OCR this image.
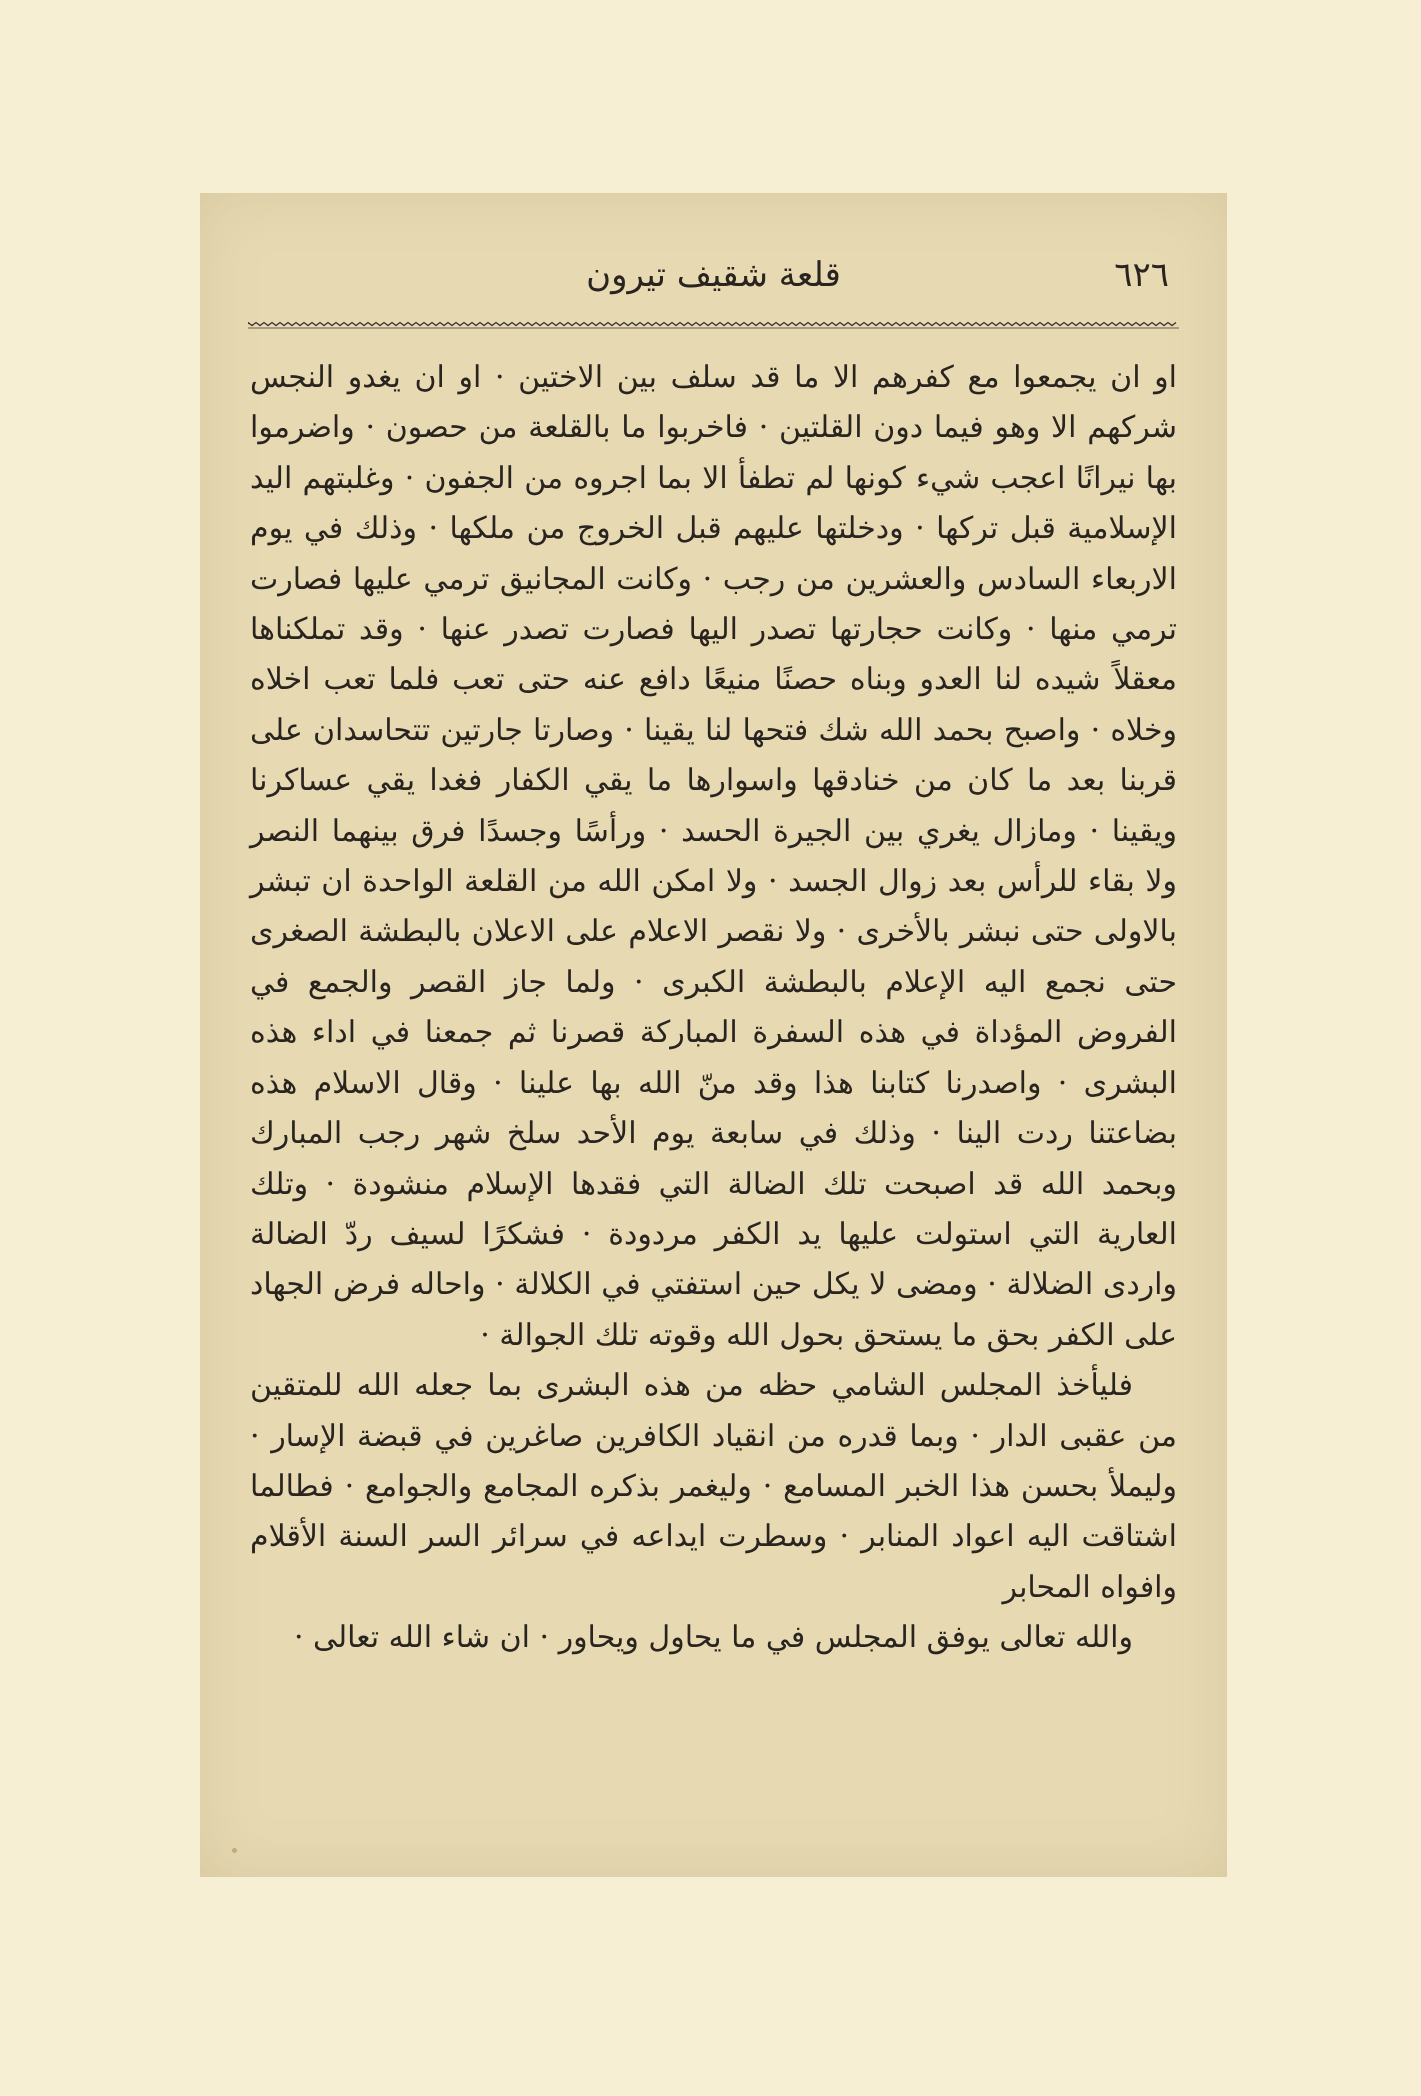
٦٢٦
قلعة شقيف تيرون

او ان يجمعوا مع كفرهم الا ما قد سلف بين الاختين · او ان يغدو النجس شركهم الا وهو فيما دون القلتين · فاخربوا ما بالقلعة من حصون · واضرموا بها نيرانًا اعجب شيء كونها لم تطفأ الا بما اجروه من الجفون · وغلبتهم اليد الإسلامية قبل تركها · ودخلتها عليهم قبل الخروج من ملكها · وذلك في يوم الاربعاء السادس والعشرين من رجب · وكانت المجانيق ترمي عليها فصارت ترمي منها · وكانت حجارتها تصدر اليها فصارت تصدر عنها · وقد تملكناها معقلاً شيده لنا العدو وبناه حصنًا منيعًا دافع عنه حتى تعب فلما تعب اخلاه وخلاه · واصبح بحمد الله شك فتحها لنا يقينا · وصارتا جارتين تتحاسدان على قربنا بعد ما كان من خنادقها واسوارها ما يقي الكفار فغدا يقي عساكرنا ويقينا · ومازال يغري بين الجيرة الحسد · ورأسًا وجسدًا فرق بينهما النصر ولا بقاء للرأس بعد زوال الجسد · ولا امكن الله من القلعة الواحدة ان تبشر بالاولى حتى نبشر بالأخرى · ولا نقصر الاعلام على الاعلان بالبطشة الصغرى حتى نجمع اليه الإعلام بالبطشة الكبرى · ولما جاز القصر والجمع في الفروض المؤداة في هذه السفرة المباركة قصرنا ثم جمعنا في اداء هذه البشرى · واصدرنا كتابنا هذا وقد منّ الله بها علينا · وقال الاسلام هذه بضاعتنا ردت الينا · وذلك في سابعة يوم الأحد سلخ شهر رجب المبارك وبحمد الله قد اصبحت تلك الضالة التي فقدها الإسلام منشودة · وتلك العارية التي استولت عليها يد الكفر مردودة · فشكرًا لسيف ردّ الضالة واردى الضلالة · ومضى لا يكل حين استفتي في الكلالة · واحاله فرض الجهاد على الكفر بحق ما يستحق بحول الله وقوته تلك الجوالة ·

فليأخذ المجلس الشامي حظه من هذه البشرى بما جعله الله للمتقين من عقبى الدار · وبما قدره من انقياد الكافرين صاغرين في قبضة الإسار · وليملأ بحسن هذا الخبر المسامع · وليغمر بذكره المجامع والجوامع · فطالما اشتاقت اليه اعواد المنابر · وسطرت ايداعه في سرائر السر السنة الأقلام وافواه المحابر

والله تعالى يوفق المجلس في ما يحاول ويحاور · ان شاء الله تعالى ·
